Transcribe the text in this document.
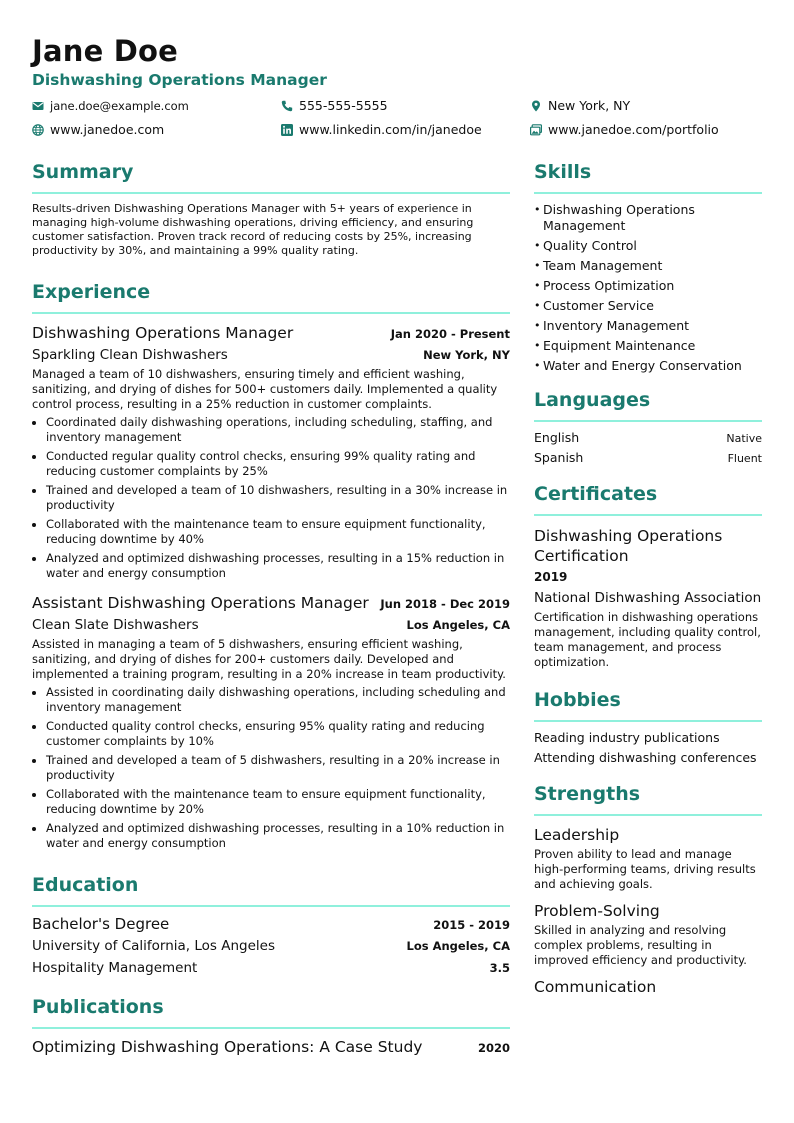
Jane Doe
Dishwashing Operations Manager
jane.doe@example.com	555-555-5555	New York, NY
www.janedoe.com	www.linkedin.com/in/janedoe	www.janedoe.com/portfolio
Summary

Results-driven Dishwashing Operations Manager with 5+ years of experience in managing high-volume dishwashing operations, driving efficiency, and ensuring customer satisfaction. Proven track record of reducing costs by 25%, increasing productivity by 30%, and maintaining a 99% quality rating.

Experience
Dishwashing Operations Manager	Jan 2020 - Present
Sparkling Clean Dishwashers	New York, NY
Managed a team of 10 dishwashers, ensuring timely and efficient washing, sanitizing, and drying of dishes for 500+ customers daily. Implemented a quality control process, resulting in a 25% reduction in customer complaints.
• Coordinated daily dishwashing operations, including scheduling, staffing, and inventory management
• Conducted regular quality control checks, ensuring 99% quality rating and reducing customer complaints by 25%
• Trained and developed a team of 10 dishwashers, resulting in a 30% increase in productivity
• Collaborated with the maintenance team to ensure equipment functionality, reducing downtime by 40%
• Analyzed and optimized dishwashing processes, resulting in a 15% reduction in water and energy consumption
Assistant Dishwashing Operations Manager Jun 2018 - Dec 2019
Clean Slate Dishwashers	Los Angeles, CA
Assisted in managing a team of 5 dishwashers, ensuring efficient washing, sanitizing, and drying of dishes for 200+ customers daily. Developed and implemented a training program, resulting in a 20% increase in team productivity.
• Assisted in coordinating daily dishwashing operations, including scheduling and inventory management
• Conducted quality control checks, ensuring 95% quality rating and reducing customer complaints by 10%
• Trained and developed a team of 5 dishwashers, resulting in a 20% increase in productivity
• Collaborated with the maintenance team to ensure equipment functionality, reducing downtime by 20%
• Analyzed and optimized dishwashing processes, resulting in a 10% reduction in water and energy consumption
Education
Bachelor's Degree	2015 - 2019
University of California, Los Angeles	Los Angeles, CA
Hospitality Management	3.5
Publications
Optimizing Dishwashing Operations: A Case Study	2020
Skills
• Dishwashing Operations Management
• Quality Control
• Team Management
• Process Optimization
• Customer Service
• Inventory Management
• Equipment Maintenance
• Water and Energy Conservation
Languages
English	Native
Spanish	Fluent
Certificates
Dishwashing Operations Certification
2019
National Dishwashing Association
Certification in dishwashing operations management, including quality control, team management, and process optimization.
Hobbies
Reading industry publications
Attending dishwashing conferences
Strengths
Leadership
Proven ability to lead and manage high-performing teams, driving results and achieving goals.
Problem-Solving
Skilled in analyzing and resolving complex problems, resulting in improved efficiency and productivity.
Communication
